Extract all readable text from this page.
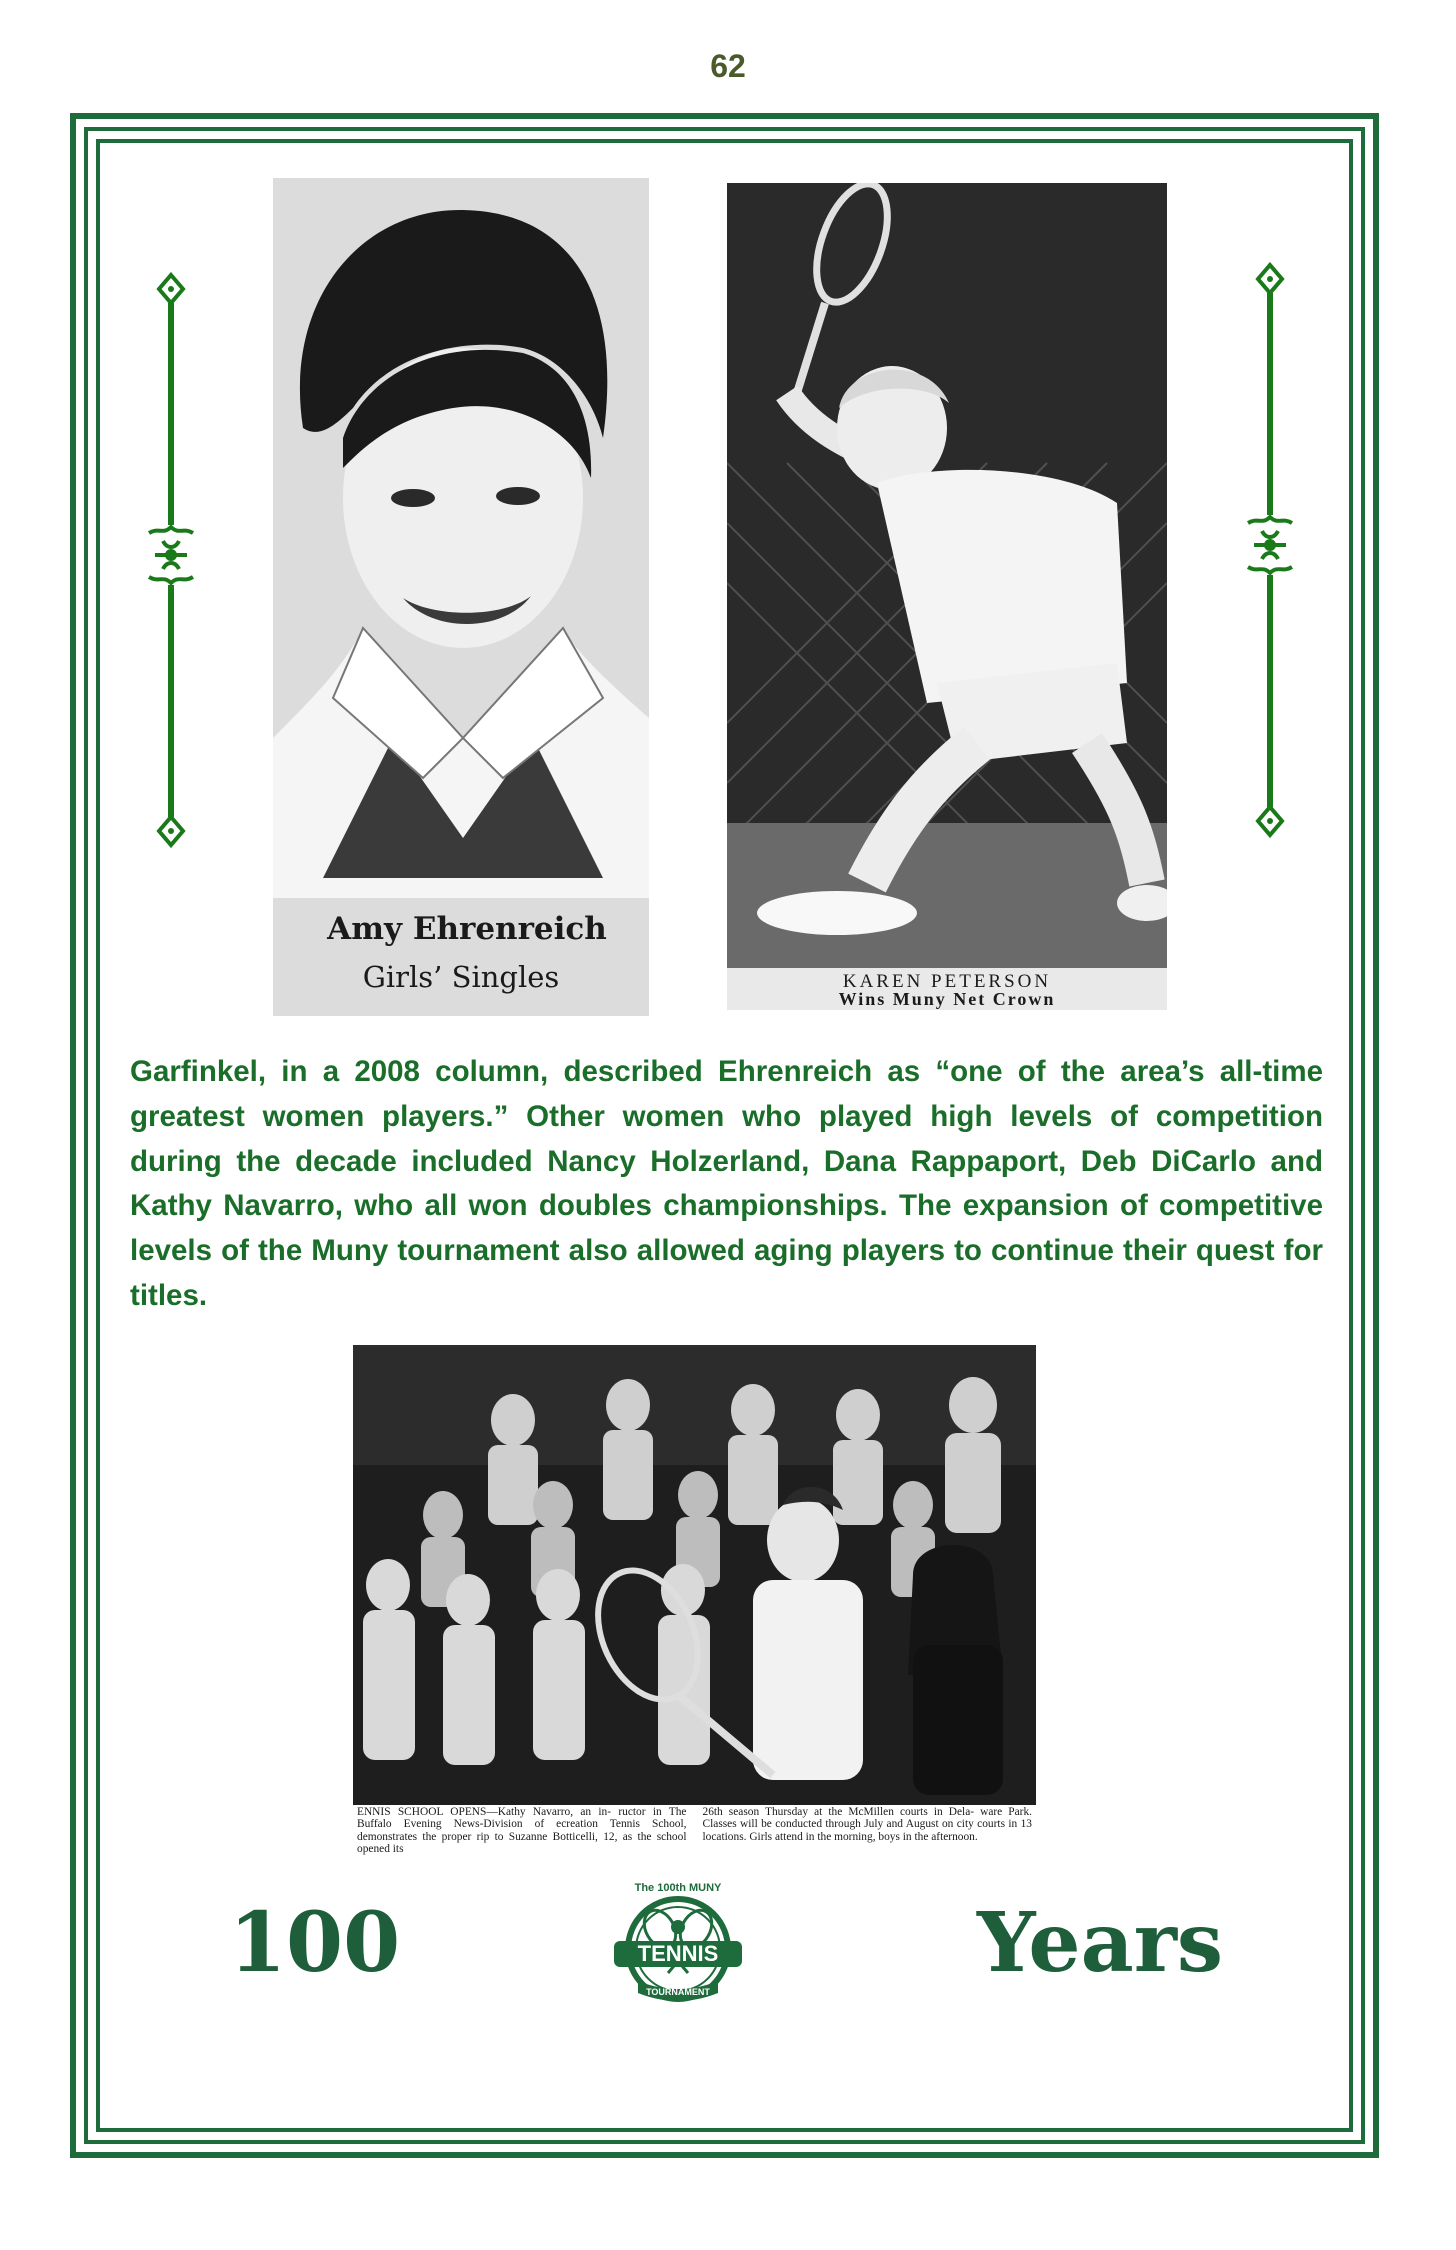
62
Amy Ehrenreich
Girls’ Singles	KAREN PETERSON
Wins Muny Net Crown

Garfinkel, in a 2008 column, described Ehrenreich as “one of the area’s all-time greatest women players.” Other women who played high levels of competition during the decade included Nancy Holzerland, Dana Rappaport, Deb DiCarlo and Kathy Navarro, who all won doubles championships. The expansion of competitive levels of the Muny tournament also allowed aging players to continue their quest for titles.

ENNIS SCHOOL OPENS—Kathy Navarro, an in- ructor in The Buffalo Evening News-Division of ecreation Tennis School, demonstrates the proper rip to Suzanne Botticelli, 12, as the school opened its
26th season Thursday at the McMillen courts in Dela- ware Park. Classes will be conducted through July and August on city courts in 13 locations. Girls attend in the morning, boys in the afternoon.
100
The 100th MUNY
TENNIS
TOURNAMENT
Years
